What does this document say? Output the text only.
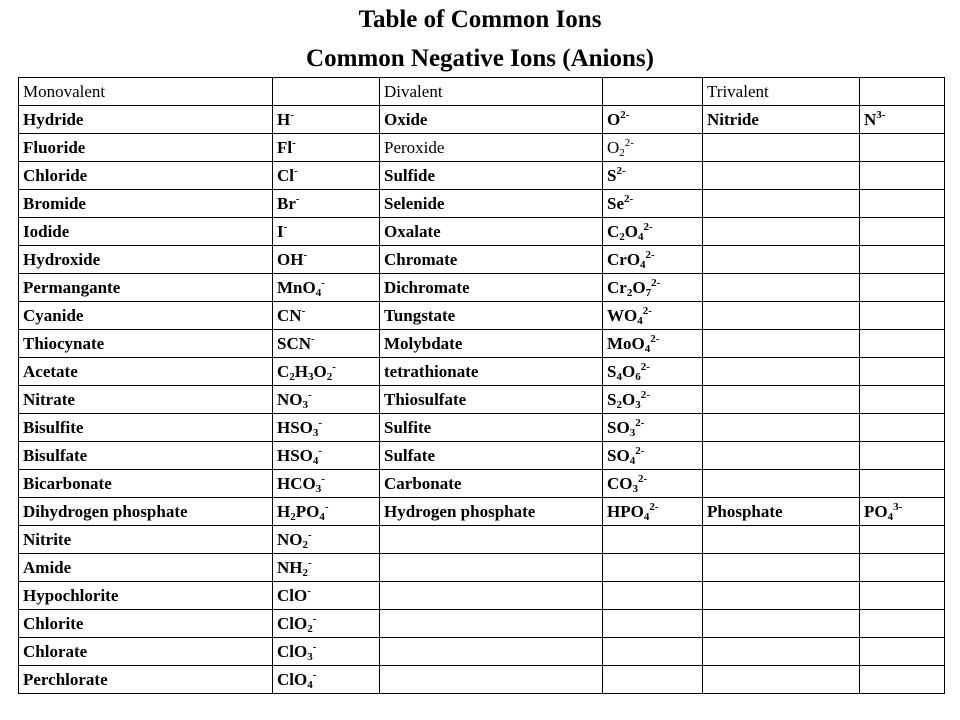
Table of Common Ions
Common Negative Ions (Anions)
Monovalent		Divalent		Trivalent	
Hydride	H-	Oxide	$O^{2-}$	Nitride	$N^{3-}$
Fluoride	Fl-	Peroxide	$O_2^{2-}$		
Chloride	Cl-	Sulfide	$S^{2-}$		
Bromide	Br-	Selenide	$Se^{2-}$		
Iodide	I-	Oxalate	$C_2O_4^{2-}$		
Hydroxide	OH-	Chromate	CrO$_4^{2-}$		
Permangante	MnO$_4$-	Dichromate	$Cr_2O_7^{2-}$		
Cyanide	CN-	Tungstate	$WO_4^{2-}$		
Thiocynate	SCN-	Molybdate	MoO$_4^{2-}$		
Acetate	$C_2H_3O_2^-$	tetrathionate	$S_4O_6^{2-}$		
Nitrate	$NO_3^-$	Thiosulfate	$S_2O_3^{2-}$		
Bisulfite	$HSO_3^-$	Sulfite	$SO_3^{2-}$		
Bisulfate	$HSO_4^-$	Sulfate	$SO_4^{2-}$		
Bicarbonate	$HCO_3^-$	Carbonate	$CO_3^{2-}$		
Dihydrogen phosphate	$H_2PO_4^-$	Hydrogen phosphate	$HPO_4^{2-}$	Phosphate	$PO_4^{3-}$
Nitrite	$NO_2^-$				
Amide	$NH_2^-$				
Hypochlorite	ClO-				
Chlorite	ClO$_2$-				
Chlorate	ClO$_3$-				
Perchlorate	ClO$_4$-				
